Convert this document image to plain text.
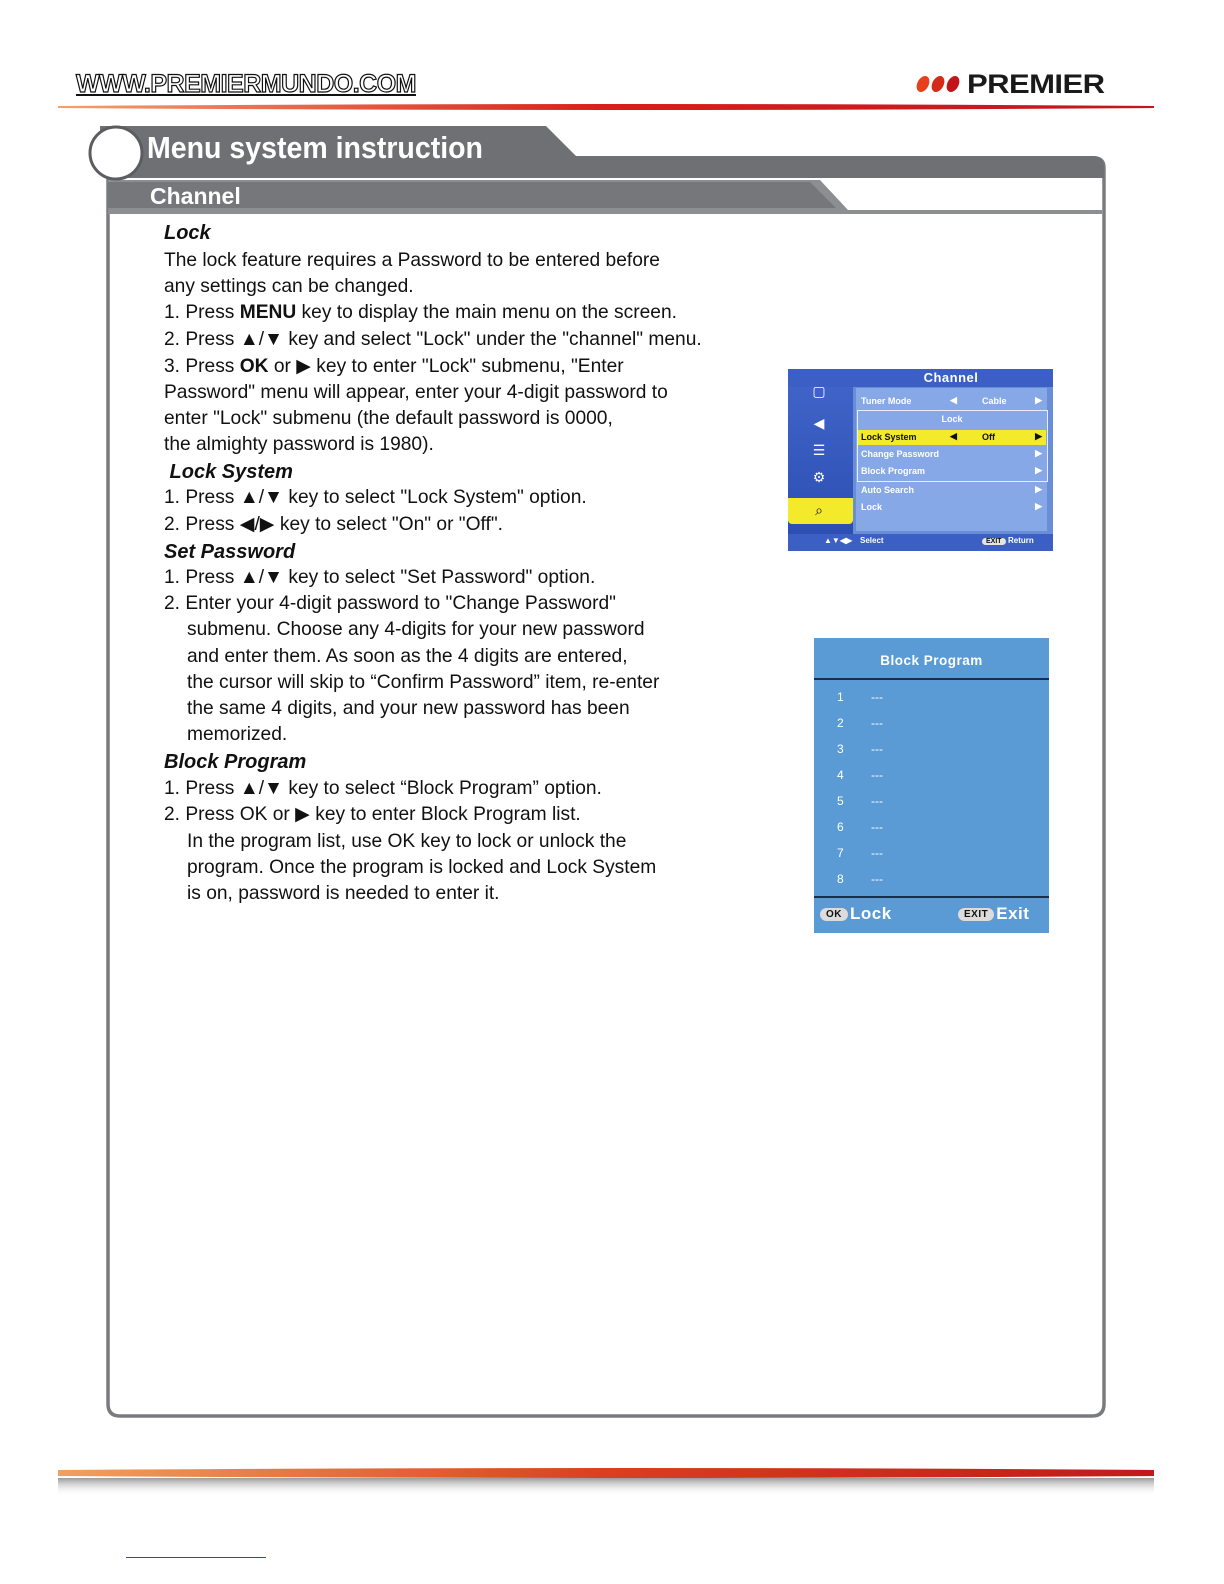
WWW.PREMIERMUNDO.COM	PREMIER
Menu system instruction
Channel
Lock
The lock feature requires a Password to be entered before
any settings can be changed.
1. Press MENU key to display the main menu on the screen.
2. Press ▲/▼ key and select "Lock" under the "channel" menu.
3. Press OK or ▶ key to enter "Lock" submenu, "Enter
Password" menu will appear, enter your 4-digit password to
enter "Lock" submenu (the default password is 0000,
the almighty password is 1980).
Lock System
1. Press ▲/▼ key to select "Lock System" option.
2. Press ◀/▶ key to select "On" or "Off".
Set Password
1. Press ▲/▼ key to select "Set Password" option.
2. Enter your 4-digit password to "Change Password"
submenu. Choose any 4-digits for your new password
and enter them. As soon as the 4 digits are entered,
the cursor will skip to “Confirm Password” item, re-enter
the same 4 digits, and your new password has been
memorized.
Block Program
1. Press ▲/▼ key to select “Block Program” option.
2. Press OK or ▶ key to enter Block Program list.
In the program list, use OK key to lock or unlock the
program. Once the program is locked and Lock System
is on, password is needed to enter it.
Channel
▢
◀
☰
⚙
⌕
Tuner Mode	◀	Cable	▶
Lock
Lock System	◀	Off	▶
Change Password	▶
Block Program	▶
Auto Search	▶
Lock	▶
▲▼◀▶ Select	EXIT Return
Block Program
1 ---
2 ---
3 ---
4 ---
5 ---
6 ---
7 ---
8 ---
OK Lock	EXIT Exit
